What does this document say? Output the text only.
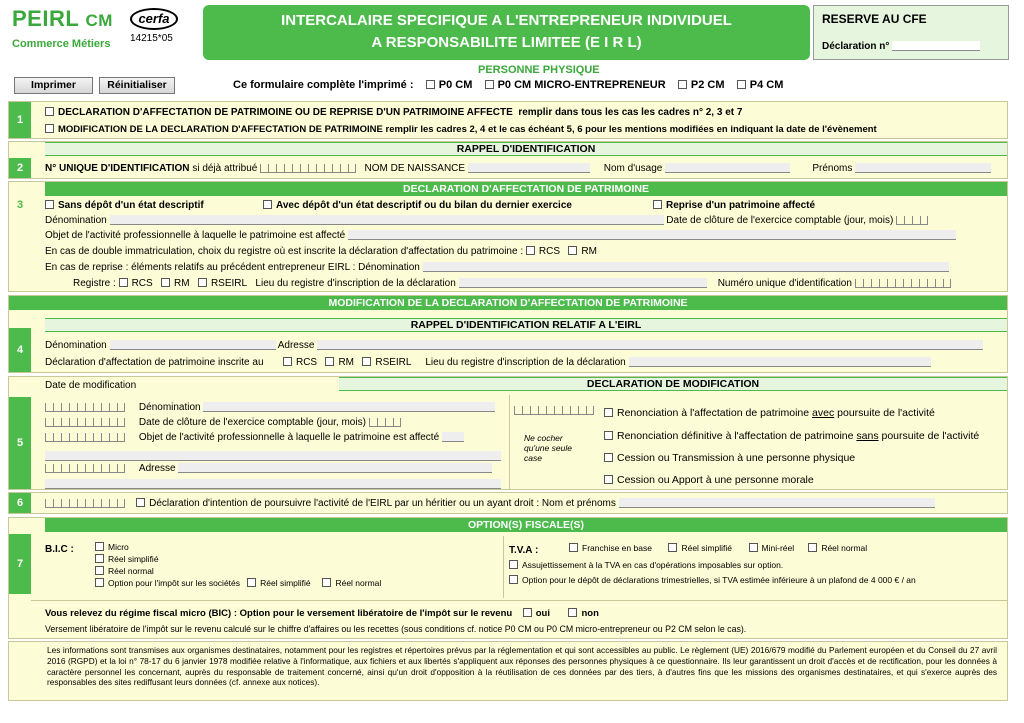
PEIRL CM
Commerce Métiers
cerfa
14215*05
INTERCALAIRE SPECIFIQUE A L'ENTREPRENEUR INDIVIDUEL
A RESPONSABILITE LIMITEE (E I R L)
RESERVE AU CFE
Déclaration n°
Imprimer	Réinitialiser
PERSONNE PHYSIQUE
Ce formulaire complète l'imprimé : P0 CM P0 CM MICRO-ENTREPRENEUR P2 CM P4 CM
1
DECLARATION D'AFFECTATION DE PATRIMOINE OU DE REPRISE D'UN PATRIMOINE AFFECTE remplir dans tous les cas les cadres n° 2, 3 et 7
MODIFICATION DE LA DECLARATION D'AFFECTATION DE PATRIMOINE remplir les cadres 2, 4 et le cas échéant 5, 6 pour les mentions modifiées en indiquant la date de l'évènement
2
RAPPEL D'IDENTIFICATION
N° UNIQUE D'IDENTIFICATION si déjà attribué	NOM DE NAISSANCE	Nom d'usage	Prénoms
3
DECLARATION D'AFFECTATION DE PATRIMOINE
Sans dépôt d'un état descriptif	Avec dépôt d'un état descriptif ou du bilan du dernier exercice	Reprise d'un patrimoine affecté
Dénomination	Date de clôture de l'exercice comptable (jour, mois)
Objet de l'activité professionnelle à laquelle le patrimoine est affecté
En cas de double immatriculation, choix du registre où est inscrite la déclaration d'affectation du patrimoine : RCS RM
En cas de reprise : éléments relatifs au précédent entrepreneur EIRL : Dénomination
Registre : RCS RM RSEIRL Lieu du registre d'inscription de la déclaration	Numéro unique d'identification
4
MODIFICATION DE LA DECLARATION D'AFFECTATION DE PATRIMOINE
RAPPEL D'IDENTIFICATION RELATIF A L'EIRL
Dénomination	Adresse
Déclaration d'affectation de patrimoine inscrite au	RCS RM RSEIRL Lieu du registre d'inscription de la déclaration
5
Date de modification	DECLARATION DE MODIFICATION
Dénomination
Date de clôture de l'exercice comptable (jour, mois)
Objet de l'activité professionnelle à laquelle le patrimoine est affecté
Adresse
Ne cocher qu'une seule case
Renonciation à l'affectation de patrimoine avec poursuite de l'activité
Renonciation définitive à l'affectation de patrimoine sans poursuite de l'activité
Cession ou Transmission à une personne physique
Cession ou Apport à une personne morale
6	Déclaration d'intention de poursuivre l'activité de l'EIRL par un héritier ou un ayant droit : Nom et prénoms
7
OPTION(S) FISCALE(S)
B.I.C :	Micro
Réel simplifié
Réel normal
Option pour l'impôt sur les sociétés Réel simplifié	Réel normal
T.V.A :	Franchise en base	Réel simplifié	Mini-réel	Réel normal
Assujettissement à la TVA en cas d'opérations imposables sur option.
Option pour le dépôt de déclarations trimestrielles, si TVA estimée inférieure à un plafond de 4 000 € / an
Vous relevez du régime fiscal micro (BIC) : Option pour le versement libératoire de l'impôt sur le revenu oui	non
Versement libératoire de l'impôt sur le revenu calculé sur le chiffre d'affaires ou les recettes (sous conditions cf. notice P0 CM ou P0 CM micro-entrepreneur ou P2 CM selon le cas).
Les informations sont transmises aux organismes destinataires, notamment pour les registres et répertoires prévus par la réglementation et qui sont accessibles au public. Le règlement (UE) 2016/679 modifié du Parlement européen et du Conseil du 27 avril 2016 (RGPD) et la loi n° 78-17 du 6 janvier 1978 modifiée relative à l'informatique, aux fichiers et aux libertés s'appliquent aux réponses des personnes physiques à ce questionnaire. Ils leur garantissent un droit d'accès et de rectification, pour les données à caractère personnel les concernant, auprès du responsable de traitement concerné, ainsi qu'un droit d'opposition à la réutilisation de ces données par des tiers, à d'autres fins que les missions des organismes destinataires, et qui s'exerce auprès des responsables des sites rediffusant leurs données (cf. annexe aux notices).
